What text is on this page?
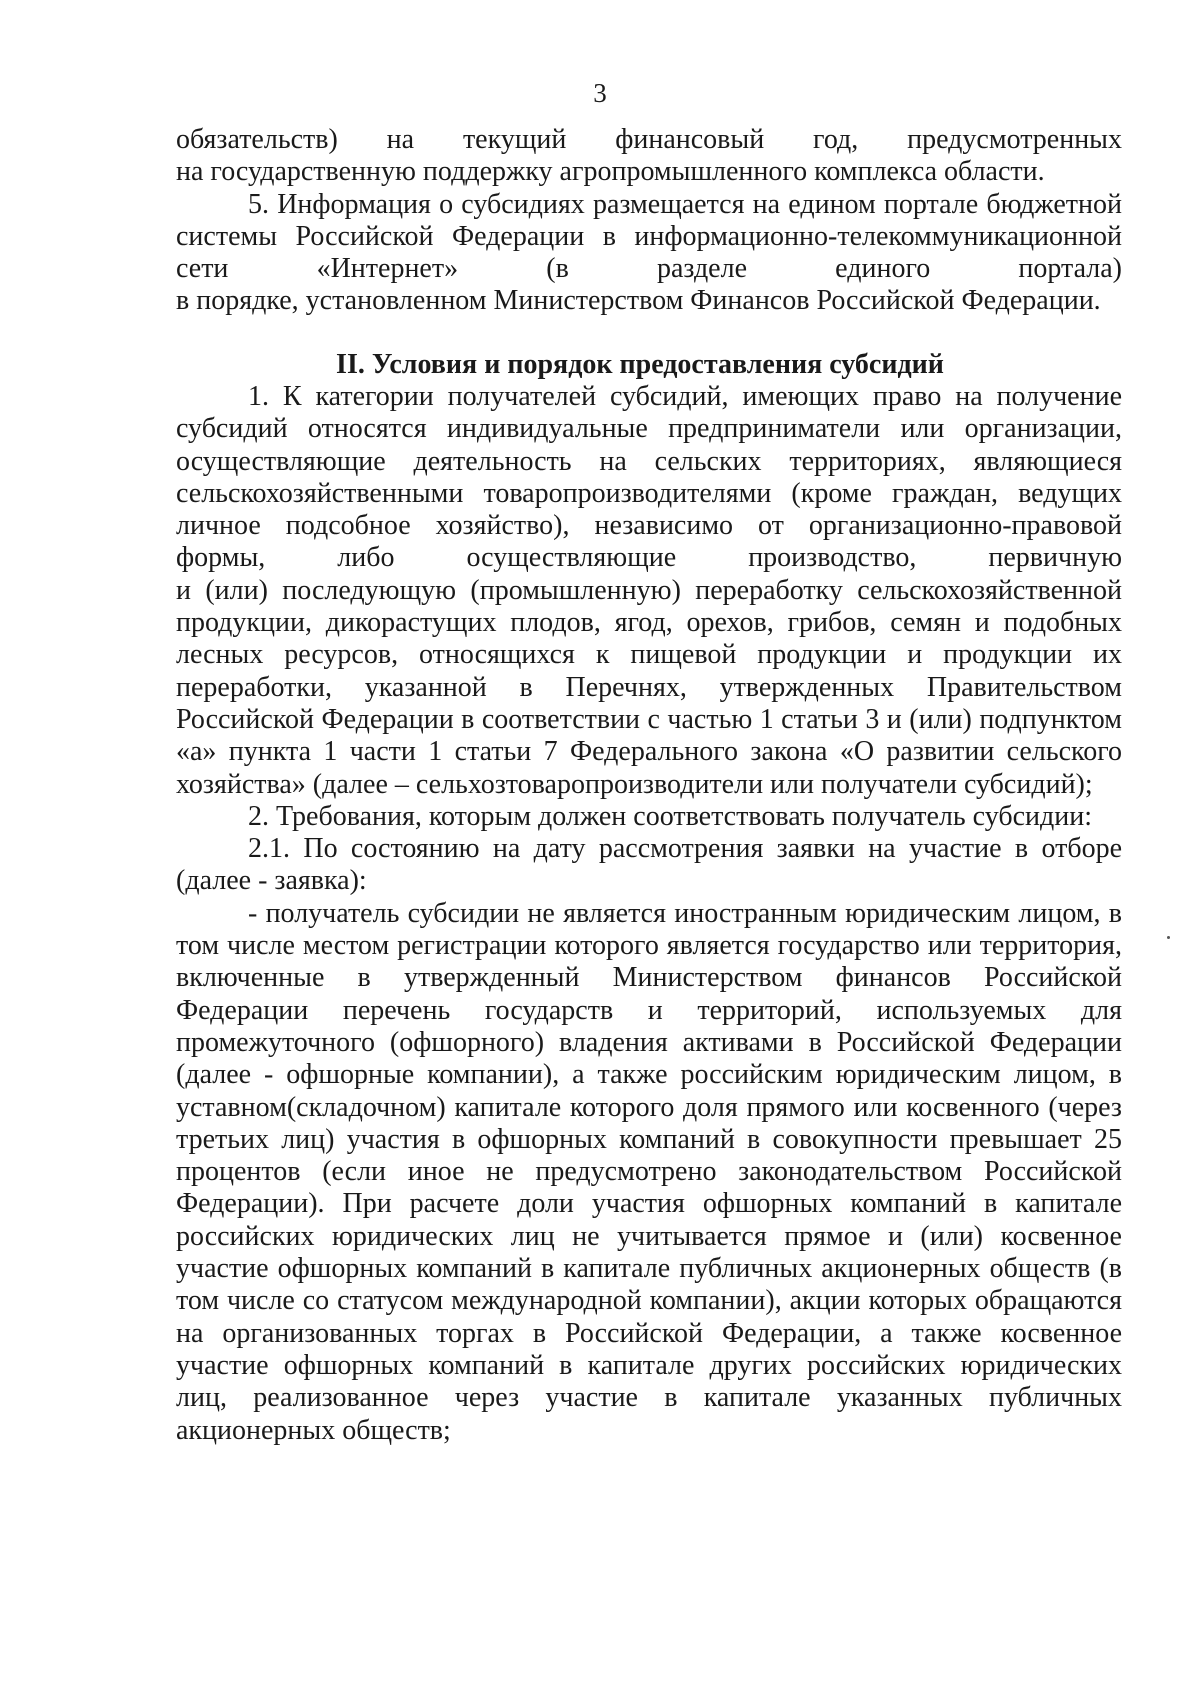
3

обязательств) на текущий финансовый год, предусмотренных

на государственную поддержку агропромышленного комплекса области.

5. Информация о субсидиях размещается на едином портале бюджетной системы Российской Федерации в информационно-телекоммуникационной сети «Интернет» (в разделе единого портала)

в порядке, установленном Министерством Финансов Российской Федерации.

II. Условия и порядок предоставления субсидий

1. К категории получателей субсидий, имеющих право на получение субсидий относятся индивидуальные предприниматели или организации, осуществляющие деятельность на сельских территориях, являющиеся сельскохозяйственными товаропроизводителями (кроме граждан, ведущих личное подсобное хозяйство), независимо от организационно-правовой формы, либо осуществляющие производство, первичную

и (или) последующую (промышленную) переработку сельскохозяйственной продукции, дикорастущих плодов, ягод, орехов, грибов, семян и подобных лесных ресурсов, относящихся к пищевой продукции и продукции их переработки, указанной в Перечнях, утвержденных Правительством Российской Федерации в соответствии с частью 1 статьи 3 и (или) подпунктом «а» пункта 1 части 1 статьи 7 Федерального закона «О развитии сельского хозяйства» (далее – сельхозтоваропроизводители или получатели субсидий);

2. Требования, которым должен соответствовать получатель субсидии:

2.1. По состоянию на дату рассмотрения заявки на участие в отборе (далее - заявка):

- получатель субсидии не является иностранным юридическим лицом, в том числе местом регистрации которого является государство или территория, включенные в утвержденный Министерством финансов Российской Федерации перечень государств и территорий, используемых для промежуточного (офшорного) владения активами в Российской Федерации (далее - офшорные компании), а также российским юридическим лицом, в уставном(складочном) капитале которого доля прямого или косвенного (через третьих лиц) участия в офшорных компаний в совокупности превышает 25 процентов (если иное не предусмотрено законодательством Российской Федерации). При расчете доли участия офшорных компаний в капитале российских юридических лиц не учитывается прямое и (или) косвенное участие офшорных компаний в капитале публичных акционерных обществ (в том числе со статусом международной компании), акции которых обращаются на организованных торгах в Российской Федерации, а также косвенное участие офшорных компаний в капитале других российских юридических лиц, реализованное через участие в капитале указанных публичных акционерных обществ;
